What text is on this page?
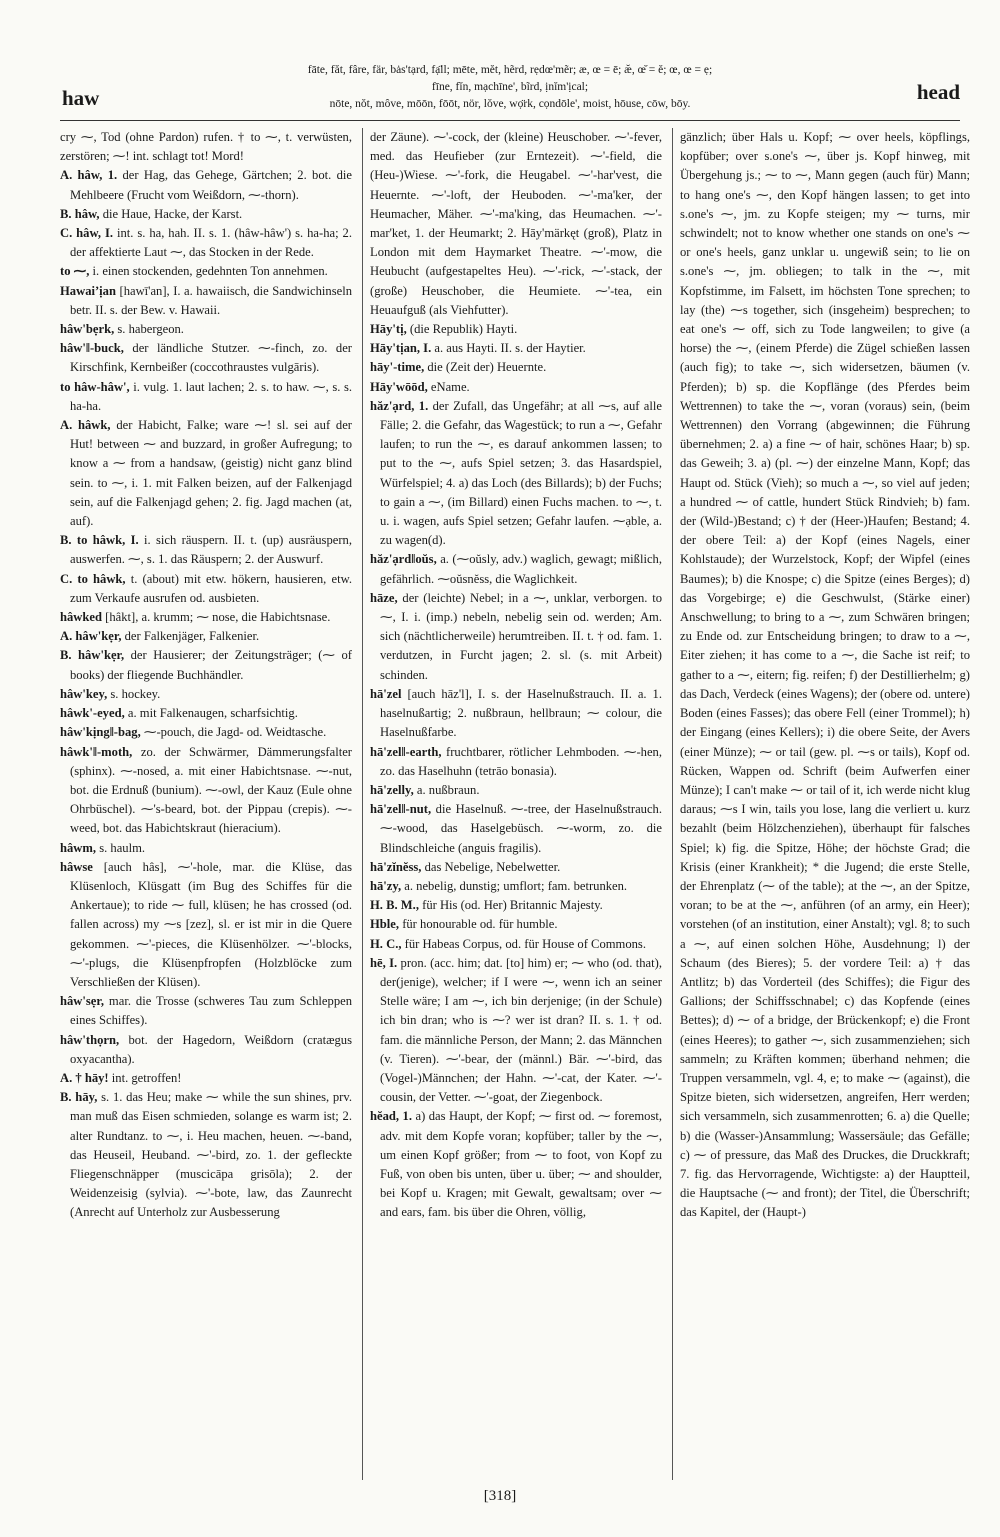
fāte, făt, fâre, fär, bȧs'tạrd, fạ̈ll; mēte, mĕt, hẽrd, rẹdœ'mẽr; æ, œ = ē; æ̆, œ̆ = ĕ; œ, œ = ẹ;
fīne, fĭn, mạchīne', bĩrd, ịnĭm'ịcal;
nōte, nŏt, môve, mōōn, fōōt, nör, lŏve, wọ̈rk, cọndōle', moist, hōuse, cōw, bōy.
haw	head

cry ⁓, Tod (ohne Pardon) rufen. † to ⁓, t. verwüsten, zerstören; ⁓! int. schlagt tot! Mord!

A. hâw, 1. der Hag, das Gehege, Gärtchen; 2. bot. die Mehlbeere (Frucht vom Weißdorn, ⁓-thorn).

B. hâw, die Haue, Hacke, der Karst.

C. hâw, I. int. s. ha, hah. II. s. 1. (hâw-hâw') s. ha-ha; 2. der affektierte Laut ⁓, das Stocken in der Rede.

to ⁓, i. einen stockenden, gedehnten Ton annehmen.

Hawaiʼịan [hawī'an], I. a. hawaiisch, die Sandwichinseln betr. II. s. der Bew. v. Hawaii.

hâw'bẹrk, s. habergeon.

hâw'‖-buck, der ländliche Stutzer. ⁓-finch, zo. der Kirschfink, Kernbeißer (coccothraustes vulgāris).

to hâw-hâw', i. vulg. 1. laut lachen; 2. s. to haw. ⁓, s. s. ha-ha.

A. hâwk, der Habicht, Falke; ware ⁓! sl. sei auf der Hut! between ⁓ and buzzard, in großer Aufregung; to know a ⁓ from a handsaw, (geistig) nicht ganz blind sein. to ⁓, i. 1. mit Falken beizen, auf der Falkenjagd sein, auf die Falkenjagd gehen; 2. fig. Jagd machen (at, auf).

B. to hâwk, I. i. sich räuspern. II. t. (up) ausräuspern, auswerfen. ⁓, s. 1. das Räuspern; 2. der Auswurf.

C. to hâwk, t. (about) mit etw. hökern, hausieren, etw. zum Verkaufe ausrufen od. ausbieten.

hâwked [hâkt], a. krumm; ⁓ nose, die Habichtsnase.

A. hâw'kẹr, der Falkenjäger, Falkenier.

B. hâw'kẹr, der Hausierer; der Zeitungsträger; (⁓ of books) der fliegende Buchhändler.

hâw'key, s. hockey.

hâwk'-eyed, a. mit Falkenaugen, scharfsichtig.

hâw'kịng‖-bag, ⁓-pouch, die Jagd- od. Weidtasche.

hâwk'‖-moth, zo. der Schwärmer, Dämmerungsfalter (sphinx). ⁓-nosed, a. mit einer Habichtsnase. ⁓-nut, bot. die Erdnuß (bunium). ⁓-owl, der Kauz (Eule ohne Ohrbüschel). ⁓'s-beard, bot. der Pippau (crepis). ⁓-weed, bot. das Habichtskraut (hieracium).

hâwm, s. haulm.

hâwse [auch hâs], ⁓'-hole, mar. die Klüse, das Klüsenloch, Klüsgatt (im Bug des Schiffes für die Ankertaue); to ride ⁓ full, klüsen; he has crossed (od. fallen across) my ⁓s [zez], sl. er ist mir in die Quere gekommen. ⁓'-pieces, die Klüsenhölzer. ⁓'-blocks, ⁓'-plugs, die Klüsenpfropfen (Holzblöcke zum Verschließen der Klüsen).

hâw'sẹr, mar. die Trosse (schweres Tau zum Schleppen eines Schiffes).

hâw'thọrn, bot. der Hagedorn, Weißdorn (cratægus oxyacantha).

A. † hāy! int. getroffen!

B. hāy, s. 1. das Heu; make ⁓ while the sun shines, prv. man muß das Eisen schmieden, solange es warm ist; 2. alter Rundtanz. to ⁓, i. Heu machen, heuen. ⁓-band, das Heuseil, Heuband. ⁓'-bird, zo. 1. der gefleckte Fliegenschnäpper (muscicāpa grisōla); 2. der Weidenzeisig (sylvia). ⁓'-bote, law, das Zaunrecht (Anrecht auf Unterholz zur Ausbesserung

der Zäune). ⁓'-cock, der (kleine) Heuschober. ⁓'-fever, med. das Heufieber (zur Erntezeit). ⁓'-field, die (Heu-)Wiese. ⁓'-fork, die Heugabel. ⁓'-har'vest, die Heuernte. ⁓'-loft, der Heuboden. ⁓'-ma'ker, der Heumacher, Mäher. ⁓'-ma'king, das Heumachen. ⁓'-mar'ket, 1. der Heumarkt; 2. Hāy'märkęt (groß), Platz in London mit dem Haymarket Theatre. ⁓'-mow, die Heubucht (aufgestapeltes Heu). ⁓'-rick, ⁓'-stack, der (große) Heuschober, die Heumiete. ⁓'-tea, ein Heuaufguß (als Viehfutter).

Hāy'tị, (die Republik) Hayti.

Hāy'tịan, I. a. aus Hayti. II. s. der Haytier.

hāy'-time, die (Zeit der) Heuernte.

Hāy'wōōd, eName.

hăz'ạrd, 1. der Zufall, das Ungefähr; at all ⁓s, auf alle Fälle; 2. die Gefahr, das Wagestück; to run a ⁓, Gefahr laufen; to run the ⁓, es darauf ankommen lassen; to put to the ⁓, aufs Spiel setzen; 3. das Hasardspiel, Würfelspiel; 4. a) das Loch (des Billards); b) der Fuchs; to gain a ⁓, (im Billard) einen Fuchs machen. to ⁓, t. u. i. wagen, aufs Spiel setzen; Gefahr laufen. ⁓ạble, a. zu wagen(d).

hăz'ạrd‖oŭs, a. (⁓oŭsly, adv.) waglich, gewagt; mißlich, gefährlich. ⁓oŭsnĕss, die Waglichkeit.

hāze, der (leichte) Nebel; in a ⁓, unklar, verborgen. to ⁓, I. i. (imp.) nebeln, nebelig sein od. werden; Am. sich (nächtlicherweile) herumtreiben. II. t. † od. fam. 1. verdutzen, in Furcht jagen; 2. sl. (s. mit Arbeit) schinden.

hā'zel [auch hāz'l], I. s. der Haselnußstrauch. II. a. 1. haselnußartig; 2. nußbraun, hellbraun; ⁓ colour, die Haselnußfarbe.

hā'zel‖-earth, fruchtbarer, rötlicher Lehmboden. ⁓-hen, zo. das Haselhuhn (tetrāo bonasia).

hā'zelly, a. nußbraun.

hā'zel‖-nut, die Haselnuß. ⁓-tree, der Haselnußstrauch. ⁓-wood, das Haselgebüsch. ⁓-worm, zo. die Blindschleiche (anguis fragilis).

hā'zĭnĕss, das Nebelige, Nebelwetter.

hā'zy, a. nebelig, dunstig; umflort; fam. betrunken.

H. B. M., für His (od. Her) Britannic Majesty.

Hble, für honourable od. für humble.

H. C., für Habeas Corpus, od. für House of Commons.

hē, I. pron. (acc. him; dat. [to] him) er; ⁓ who (od. that), der(jenige), welcher; if I were ⁓, wenn ich an seiner Stelle wäre; I am ⁓, ich bin derjenige; (in der Schule) ich bin dran; who is ⁓? wer ist dran? II. s. 1. † od. fam. die männliche Person, der Mann; 2. das Männchen (v. Tieren). ⁓'-bear, der (männl.) Bär. ⁓'-bird, das (Vogel-)Männchen; der Hahn. ⁓'-cat, der Kater. ⁓'-cousin, der Vetter. ⁓'-goat, der Ziegenbock.

hĕad, 1. a) das Haupt, der Kopf; ⁓ first od. ⁓ foremost, adv. mit dem Kopfe voran; kopfüber; taller by the ⁓, um einen Kopf größer; from ⁓ to foot, von Kopf zu Fuß, von oben bis unten, über u. über; ⁓ and shoulder, bei Kopf u. Kragen; mit Gewalt, gewaltsam; over ⁓ and ears, fam. bis über die Ohren, völlig,

gänzlich; über Hals u. Kopf; ⁓ over heels, köpflings, kopfüber; over s.one's ⁓, über js. Kopf hinweg, mit Übergehung js.; ⁓ to ⁓, Mann gegen (auch für) Mann; to hang one's ⁓, den Kopf hängen lassen; to get into s.one's ⁓, jm. zu Kopfe steigen; my ⁓ turns, mir schwindelt; not to know whether one stands on one's ⁓ or one's heels, ganz unklar u. ungewiß sein; to lie on s.one's ⁓, jm. obliegen; to talk in the ⁓, mit Kopfstimme, im Falsett, im höchsten Tone sprechen; to lay (the) ⁓s together, sich (insgeheim) besprechen; to eat one's ⁓ off, sich zu Tode langweilen; to give (a horse) the ⁓, (einem Pferde) die Zügel schießen lassen (auch fig); to take ⁓, sich widersetzen, bäumen (v. Pferden); b) sp. die Kopflänge (des Pferdes beim Wettrennen) to take the ⁓, voran (voraus) sein, (beim Wettrennen) den Vorrang (abgewinnen; die Führung übernehmen; 2. a) a fine ⁓ of hair, schönes Haar; b) sp. das Geweih; 3. a) (pl. ⁓) der einzelne Mann, Kopf; das Haupt od. Stück (Vieh); so much a ⁓, so viel auf jeden; a hundred ⁓ of cattle, hundert Stück Rindvieh; b) fam. der (Wild-)Bestand; c) † der (Heer-)Haufen; Bestand; 4. der obere Teil: a) der Kopf (eines Nagels, einer Kohlstaude); der Wurzelstock, Kopf; der Wipfel (eines Baumes); b) die Knospe; c) die Spitze (eines Berges); d) das Vorgebirge; e) die Geschwulst, (Stärke einer) Anschwellung; to bring to a ⁓, zum Schwären bringen; zu Ende od. zur Entscheidung bringen; to draw to a ⁓, Eiter ziehen; it has come to a ⁓, die Sache ist reif; to gather to a ⁓, eitern; fig. reifen; f) der Destillierhelm; g) das Dach, Verdeck (eines Wagens); der (obere od. untere) Boden (eines Fasses); das obere Fell (einer Trommel); h) der Eingang (eines Kellers); i) die obere Seite, der Avers (einer Münze); ⁓ or tail (gew. pl. ⁓s or tails), Kopf od. Rücken, Wappen od. Schrift (beim Aufwerfen einer Münze); I can't make ⁓ or tail of it, ich werde nicht klug daraus; ⁓s I win, tails you lose, lang die verliert u. kurz bezahlt (beim Hölzchenziehen), überhaupt für falsches Spiel; k) fig. die Spitze, Höhe; der höchste Grad; die Krisis (einer Krankheit); * die Jugend; die erste Stelle, der Ehrenplatz (⁓ of the table); at the ⁓, an der Spitze, voran; to be at the ⁓, anführen (of an army, ein Heer); vorstehen (of an institution, einer Anstalt); vgl. 8; to such a ⁓, auf einen solchen Höhe, Ausdehnung; l) der Schaum (des Bieres); 5. der vordere Teil: a) † das Antlitz; b) das Vorderteil (des Schiffes); die Figur des Gallions; der Schiffsschnabel; c) das Kopfende (eines Bettes); d) ⁓ of a bridge, der Brückenkopf; e) die Front (eines Heeres); to gather ⁓, sich zusammenziehen; sich sammeln; zu Kräften kommen; überhand nehmen; die Truppen versammeln, vgl. 4, e; to make ⁓ (against), die Spitze bieten, sich widersetzen, angreifen, Herr werden; sich versammeln, sich zusammenrotten; 6. a) die Quelle; b) die (Wasser-)Ansammlung; Wassersäule; das Gefälle; c) ⁓ of pressure, das Maß des Druckes, die Druckkraft; 7. fig. das Hervorragende, Wichtigste: a) der Hauptteil, die Hauptsache (⁓ and front); der Titel, die Überschrift; das Kapitel, der (Haupt-)

[318]
